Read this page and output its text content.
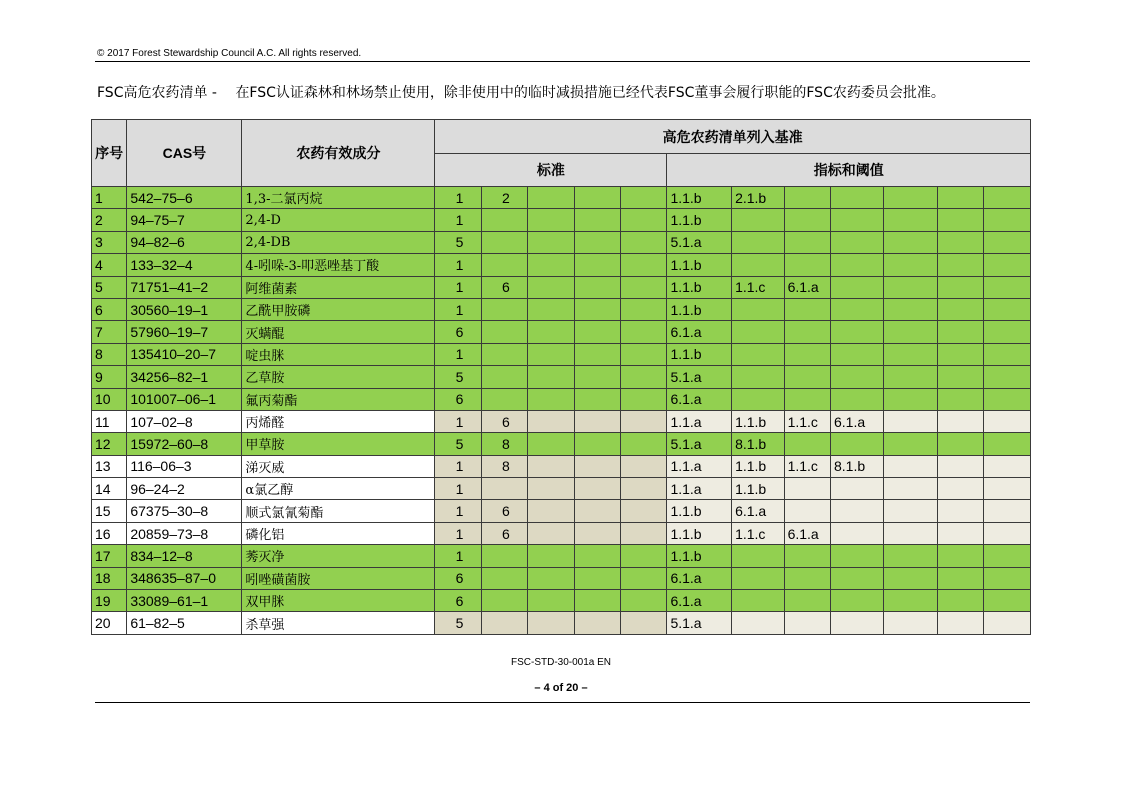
© 2017 Forest Stewardship Council A.C. All rights reserved.
FSC高危农药清单 - 在FSC认证森林和林场禁止使用，除非使用中的临时减损措施已经代表FSC董事会履行职能的FSC农药委员会批准。
序号	CAS号	农药有效成分	高危农药清单列入基准											
			标准					指标和阈值						
1	542–75–6	1,3-二氯丙烷	1	2				1.1.b	2.1.b					
2	94–75–7	2,4-D	1					1.1.b						
3	94–82–6	2,4-DB	5					5.1.a						
4	133–32–4	4-吲哚-3-叩恶唑基丁酸	1					1.1.b						
5	71751–41–2	阿维菌素	1	6				1.1.b	1.1.c	6.1.a				
6	30560–19–1	乙酰甲胺磷	1					1.1.b						
7	57960–19–7	灭螨醌	6					6.1.a						
8	135410–20–7	啶虫脒	1					1.1.b						
9	34256–82–1	乙草胺	5					5.1.a						
10	101007–06–1	氟丙菊酯	6					6.1.a						
11	107–02–8	丙烯醛	1	6				1.1.a	1.1.b	1.1.c	6.1.a			
12	15972–60–8	甲草胺	5	8				5.1.a	8.1.b					
13	116–06–3	涕灭威	1	8				1.1.a	1.1.b	1.1.c	8.1.b			
14	96–24–2	α氯乙醇	1					1.1.a	1.1.b					
15	67375–30–8	顺式氯氰菊酯	1	6				1.1.b	6.1.a					
16	20859–73–8	磷化铝	1	6				1.1.b	1.1.c	6.1.a				
17	834–12–8	莠灭净	1					1.1.b						
18	348635–87–0	吲唑磺菌胺	6					6.1.a						
19	33089–61–1	双甲脒	6					6.1.a						
20	61–82–5	杀草强	5					5.1.a						
FSC-STD-30-001a EN
– 4 of 20 –
